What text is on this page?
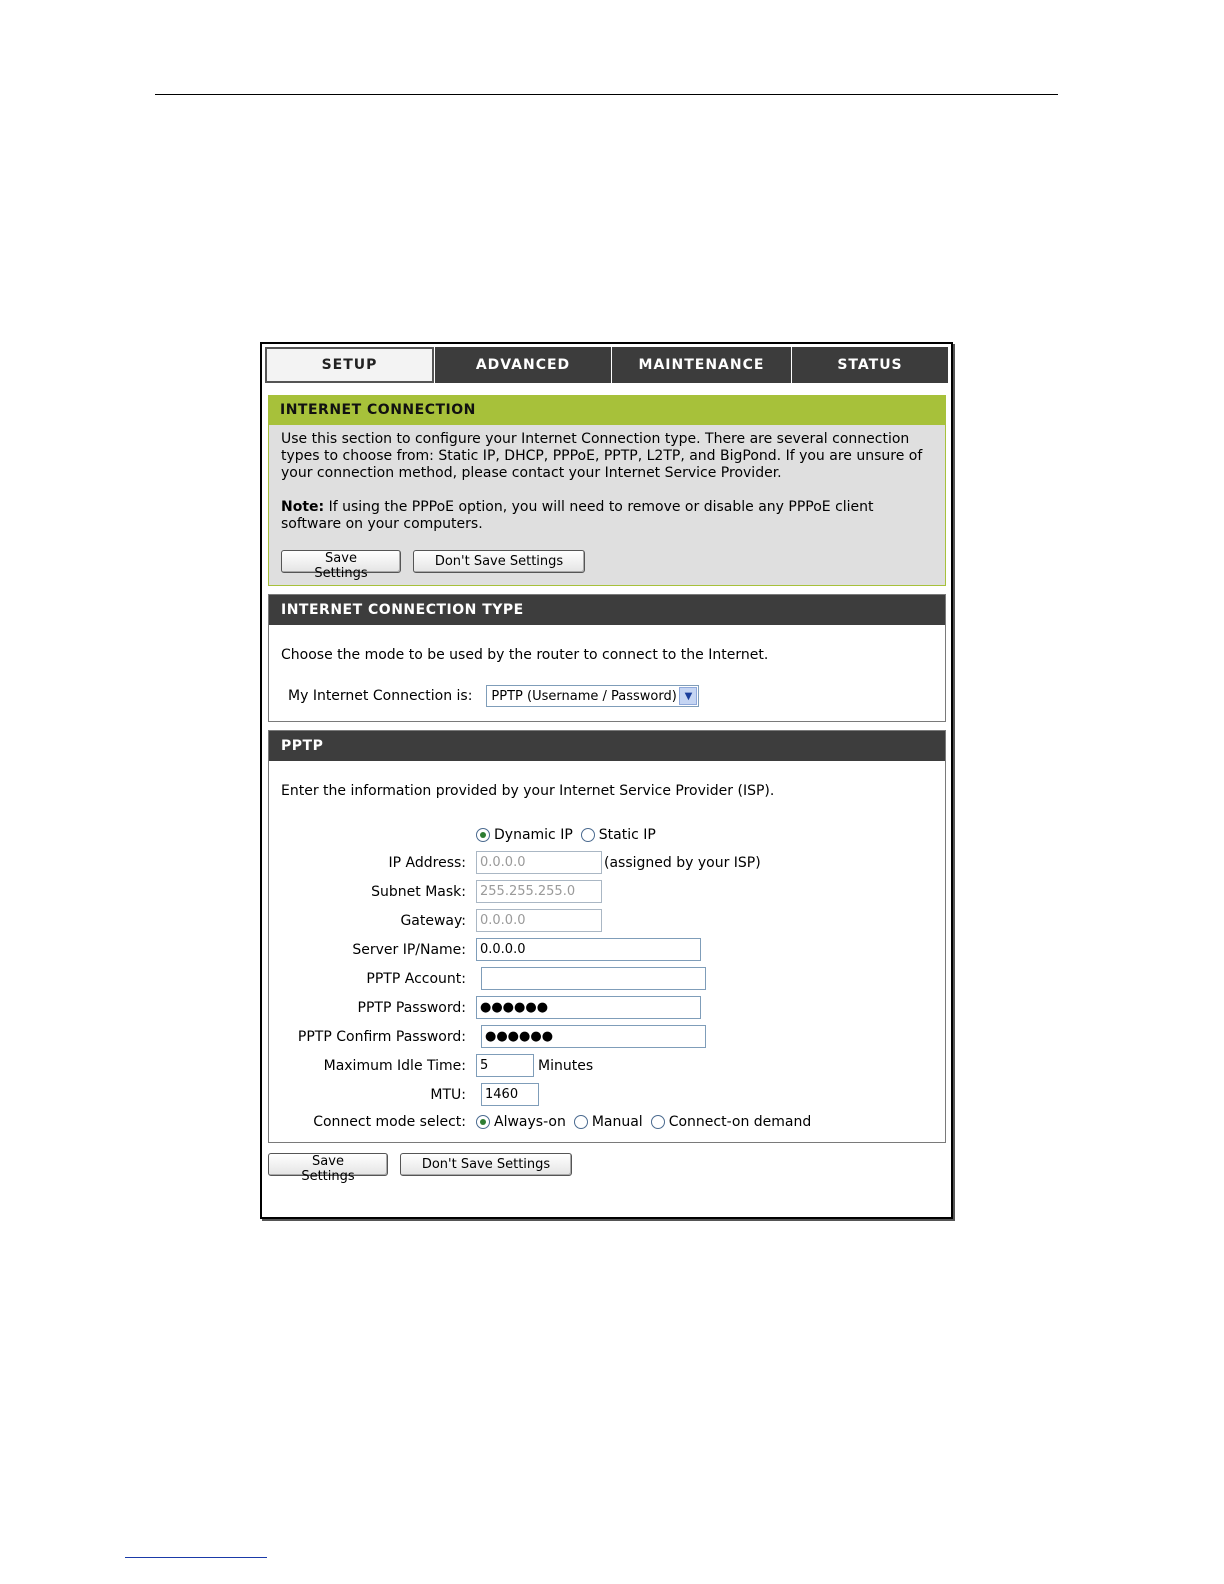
SETUP	ADVANCED	MAINTENANCE	STATUS
INTERNET CONNECTION

Use this section to configure your Internet Connection type. There are several connection types to choose from: Static IP, DHCP, PPPoE, PPTP, L2TP, and BigPond. If you are unsure of your connection method, please contact your Internet Service Provider.

Note: If using the PPPoE option, you will need to remove or disable any PPPoE client software on your computers.
Save Settings
Don't Save Settings
INTERNET CONNECTION TYPE
Choose the mode to be used by the router to connect to the Internet.
My Internet Connection is: PPTP (Username / Password) ▼
PPTP
Enter the information provided by your Internet Service Provider (ISP).
Dynamic IP Static IP
IP Address:
0.0.0.0	(assigned by your ISP)
Subnet Mask:
255.255.255.0
Gateway:
0.0.0.0
Server IP/Name:
0.0.0.0
PPTP Account:
PPTP Password:
●●●●●●
PPTP Confirm Password:
●●●●●●
Maximum Idle Time:
5	Minutes
MTU:
1460
Connect mode select:	Always-on Manual Connect-on demand
Save Settings
Don't Save Settings
